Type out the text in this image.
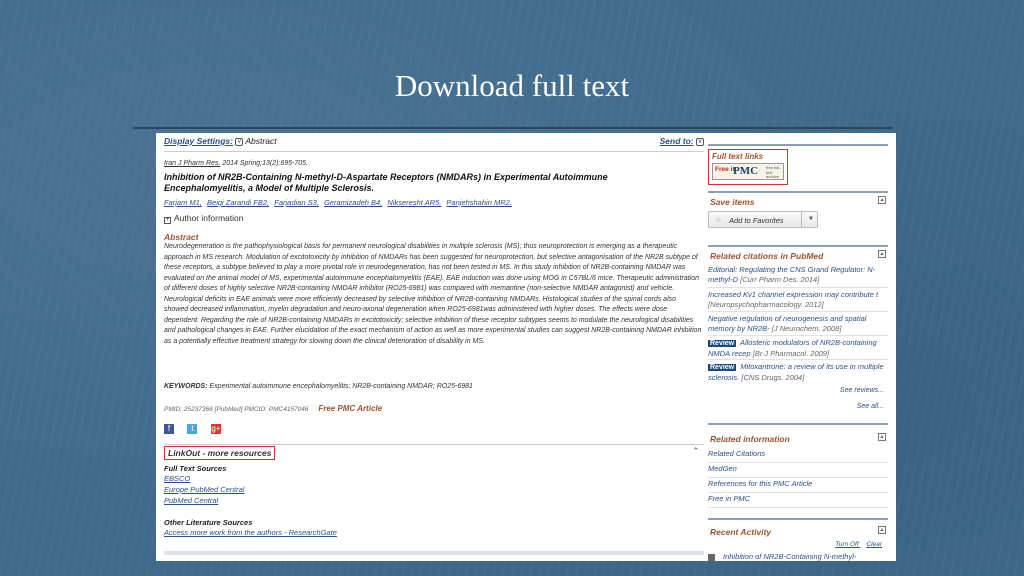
Download full text
Display Settings: v Abstract	Send to: v
Iran J Pharm Res. 2014 Spring;13(2):695-705.
Inhibition of NR2B-Containing N-methyl-D-Aspartate Receptors (NMDARs) in Experimental Autoimmune Encephalomyelitis, a Model of Multiple Sclerosis.
Farjam M1, Beigi Zarandi FB2, Farjadian S3, Geramizadeh B4, Nikseresht AR5, Panjehshahin MR2.
+ Author information
Abstract
Neurodegeneration is the pathophysiological basis for permanent neurological disabilities in multiple sclerosis (MS); thus neuroprotection is emerging as a therapeutic approach in MS research. Modulation of excitotoxicity by inhibition of NMDARs has been suggested for neuroprotection, but selective antagonisation of the NR2B subtype of these receptors, a subtype believed to play a more pivotal role in neurodegeneration, has not been tested in MS. In this study inhibition of NR2B-containing NMDAR was evaluated on the animal model of MS, experimental autoimmune encephalomyelitis (EAE). EAE induction was done using MOG in C57BL/6 mice. Therapeutic administration of different doses of highly selective NR2B-containing NMDAR inhibitor (RO25-6981) was compared with memantine (non-selective NMDAR antagonist) and vehicle. Neurological deficits in EAE animals were more efficiently decreased by selective inhibition of NR2B-containing NMDARs. Histological studies of the spinal cords also showed decreased inflammation, myelin degradation and neuro-axonal degeneration when RO25-6981was administered with higher doses. The effects were dose dependent. Regarding the role of NR2B-containing NMDARs in excitotoxicity; selective inhibition of these receptor subtypes seems to modulate the neurological disabilities and pathological changes in EAE. Further elucidation of the exact mechanism of action as well as more experimental studies can suggest NR2B-containing NMDAR inhibition as a potentially effective treatment strategy for slowing down the clinical deterioration of disability in MS.
KEYWORDS: Experimental autoimmune encephalomyelitis; NR2B-containing NMDAR; RO25-6981
PMID: 25237366 [PubMed] PMCID: PMC4157046 Free PMC Article
f	t g+
LinkOut - more resources	⌃
Full Text Sources
EBSCO
Europe PubMed Central
PubMed Central
Other Literature Sources
Access more work from the authors - ResearchGate
Full text links
Free in
PMC free full-text archive
Save items	▲
☆ Add to Favorites	▼
Related citations in PubMed	▲
Editorial: Regulating the CNS Grand Regulator: N-methyl-D [Curr Pharm Des. 2014]
Increased Kv1 channel expression may contribute t [Neuropsychopharmacology. 2012]
Negative regulation of neurogenesis and spatial memory by NR2B- [J Neurochem. 2008]
Review Allosteric modulators of NR2B-containing NMDA recep [Br J Pharmacol. 2009]
Review Mitoxantrone: a review of its use in multiple sclerosis. [CNS Drugs. 2004]
See reviews...
See all...
Related information	▲
Related Citations
MedGen
References for this PMC Article
Free in PMC
Recent Activity	▲
Turn Off Clear
Inhibition of NR2B-Containing N-methyl-
